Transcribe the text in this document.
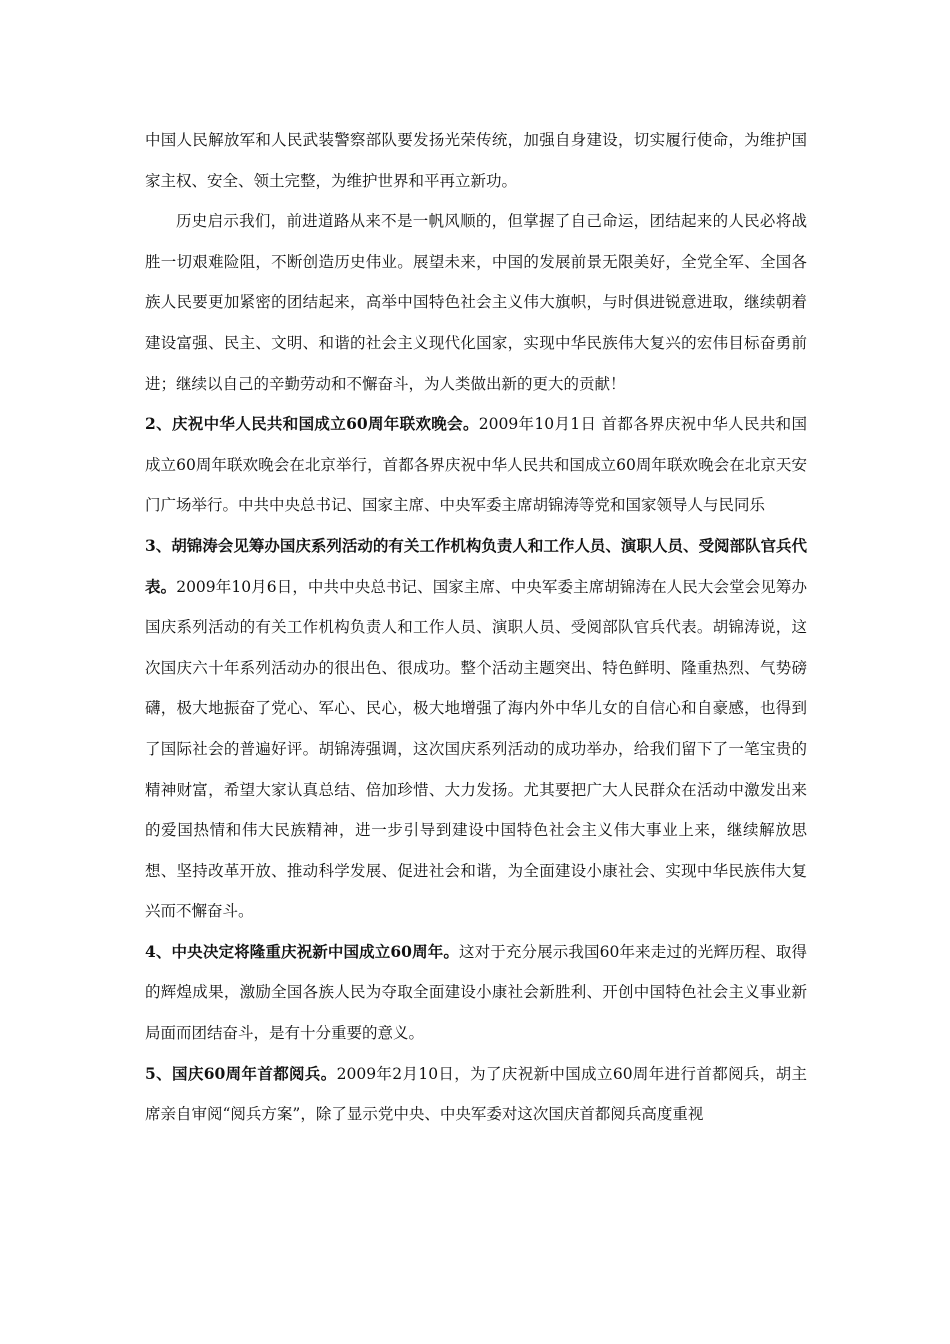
中国人民解放军和人民武装警察部队要发扬光荣传统，加强自身建设，切实履行使命，为维护国家主权、安全、领土完整，为维护世界和平再立新功。

历史启示我们，前进道路从来不是一帆风顺的，但掌握了自己命运，团结起来的人民必将战胜一切艰难险阻，不断创造历史伟业。展望未来，中国的发展前景无限美好，全党全军、全国各族人民要更加紧密的团结起来，高举中国特色社会主义伟大旗帜，与时俱进锐意进取，继续朝着建设富强、民主、文明、和谐的社会主义现代化国家，实现中华民族伟大复兴的宏伟目标奋勇前进；继续以自己的辛勤劳动和不懈奋斗，为人类做出新的更大的贡献！

2、庆祝中华人民共和国成立60周年联欢晚会。2009年10月1日 首都各界庆祝中华人民共和国成立60周年联欢晚会在北京举行，首都各界庆祝中华人民共和国成立60周年联欢晚会在北京天安门广场举行。中共中央总书记、国家主席、中央军委主席胡锦涛等党和国家领导人与民同乐

3、胡锦涛会见筹办国庆系列活动的有关工作机构负责人和工作人员、演职人员、受阅部队官兵代表。2009年10月6日，中共中央总书记、国家主席、中央军委主席胡锦涛在人民大会堂会见筹办国庆系列活动的有关工作机构负责人和工作人员、演职人员、受阅部队官兵代表。胡锦涛说，这次国庆六十年系列活动办的很出色、很成功。整个活动主题突出、特色鲜明、隆重热烈、气势磅礴，极大地振奋了党心、军心、民心，极大地增强了海内外中华儿女的自信心和自豪感，也得到了国际社会的普遍好评。胡锦涛强调，这次国庆系列活动的成功举办，给我们留下了一笔宝贵的精神财富，希望大家认真总结、倍加珍惜、大力发扬。尤其要把广大人民群众在活动中激发出来的爱国热情和伟大民族精神，进一步引导到建设中国特色社会主义伟大事业上来，继续解放思想、坚持改革开放、推动科学发展、促进社会和谐，为全面建设小康社会、实现中华民族伟大复兴而不懈奋斗。

4、中央决定将隆重庆祝新中国成立60周年。这对于充分展示我国60年来走过的光辉历程、取得的辉煌成果，激励全国各族人民为夺取全面建设小康社会新胜利、开创中国特色社会主义事业新局面而团结奋斗，是有十分重要的意义。

5、国庆60周年首都阅兵。2009年2月10日，为了庆祝新中国成立60周年进行首都阅兵，胡主席亲自审阅“阅兵方案”，除了显示党中央、中央军委对这次国庆首都阅兵高度重视
